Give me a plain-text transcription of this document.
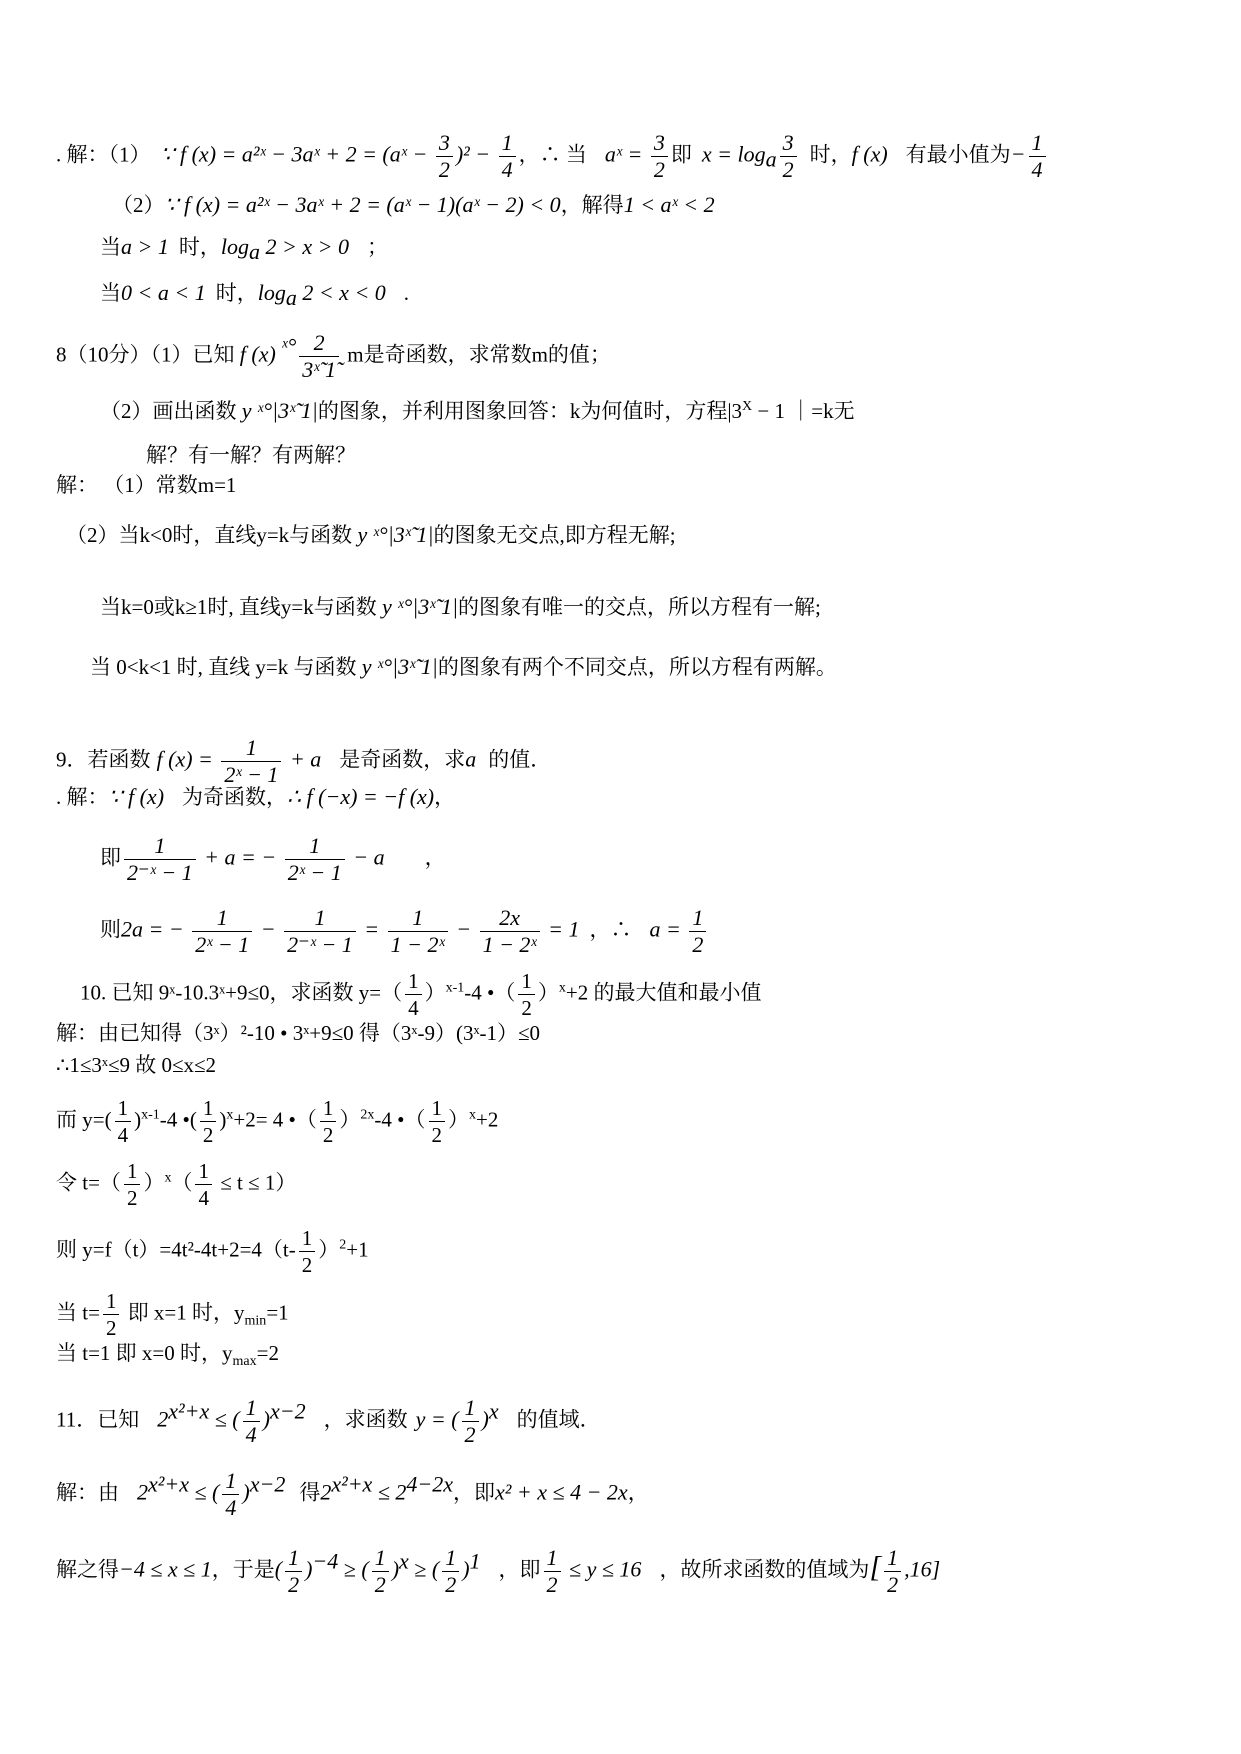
. 解：（1） ∵ f (x) = a²ˣ − 3aˣ + 2 = (aˣ − $\frac{3}{2} )^2 - \frac{1}{4}$ ，∴ 当 aˣ = $\frac{3}{2}$ 即 $x = \log_a \frac{3}{2}$ 时，f (x) 有最小值为− $\frac{1}{4}$
（2）∵ f (x) = a²ˣ − 3aˣ + 2 = (aˣ − 1)(aˣ − 2) < 0，解得1 < aˣ < 2
当a > 1 时，$\log_a 2 > x > 0$ ；
当0 < a < 1 时，$\log_a 2 < x < 0$ .
8（10分）（1）已知 f (x) $^{ˣ^\circ} \frac{2}{\text{3ˣ̃ 1̃}}$ m是奇函数，求常数m的值；
（2）画出函数 y ˣ°|3ˣ̃ 1|的图象，并利用图象回答：k为何值时，方程$|3^X - 1$ ｜=k无
解？有一解？有两解？
解： （1）常数m=1
（2）当k<0时，直线y=k与函数 y ˣ°|3ˣ̃ 1|的图象无交点,即方程无解;
当k=0或k≥1时, 直线y=k与函数 y ˣ°|3ˣ̃ 1|的图象有唯一的交点，所以方程有一解;
当 0<k<1 时, 直线 y=k 与函数 y ˣ°|3ˣ̃ 1|的图象有两个不同交点，所以方程有两解。
9．若函数 f $(x) = \frac{1}{\text{2ˣ − 1}} + a$ 是奇函数，求a 的值．
. 解：∵ f (x) 为奇函数，∴ f (−x) = −f (x)，
即 $\frac{1}{\text{2⁻ˣ − 1}} + a$ = − $\frac{1}{\text{2ˣ − 1}} - a$ ，
则2a = − $\frac{1}{\text{2ˣ − 1}} - \frac{1}{\text{2⁻ˣ − 1}} = \frac{1}{\text{1 − 2ˣ}} - \frac{2x}{\text{1 − 2ˣ}} = 1$ ，∴ $a = \frac{1}{2}$
10. 已知 9ˣ-10.3ˣ+9≤0，求函数 $y=( \frac{1}{4} )^{x-1}-4$ •（ $\frac{1}{2} )^x+2$ 的最大值和最小值
解：由已知得（3ˣ）²-10 • 3ˣ+9≤0 得（3ˣ-9）(3ˣ-1）≤0
∴1≤3ˣ≤9 故 0≤x≤2
而 $y=( \frac{1}{4} )^{x-1}-4$ •( $\frac{1}{2} )^x+2= 4$ •（ $\frac{1}{2} )^{2x}-4$ •（ $\frac{1}{2} )^x+2$
令 $t=( \frac{1}{2} )^x( \frac{1}{4} \le t \le 1)$
则 $y=f(t)=4t^2-4t+2=4(t- \frac{1}{2} )^2+1$
当 $t= \frac{1}{2}$ 即 x=1 时，$y_{min}=1$
当 t=1 即 x=0 时，$y_{max}=2$
11．已知 $2^{x^2+x}$ ≤ ( $\frac{1}{4} )^{x-2}$ ，求函数 y = ( $\frac{1}{2} )^x$ 的值域．
解：由 $2^{x^2+x}$ ≤ ( $\frac{1}{4} )^{x-2}$ 得$2^{x^2+x} \le 2^{4-2x}$，即x² + x ≤ 4 − 2x，
解之得−4 ≤ x ≤ 1，于是( $\frac{1}{2} )^{-4}$ ≥ ( $\frac{1}{2} )^x$ ≥ ( $\frac{1}{2} )^1$ ，即 $\frac{1}{2} \le y \le 16$ ，故所求函数的值域为[ $\frac{1}{2} ,16$]
